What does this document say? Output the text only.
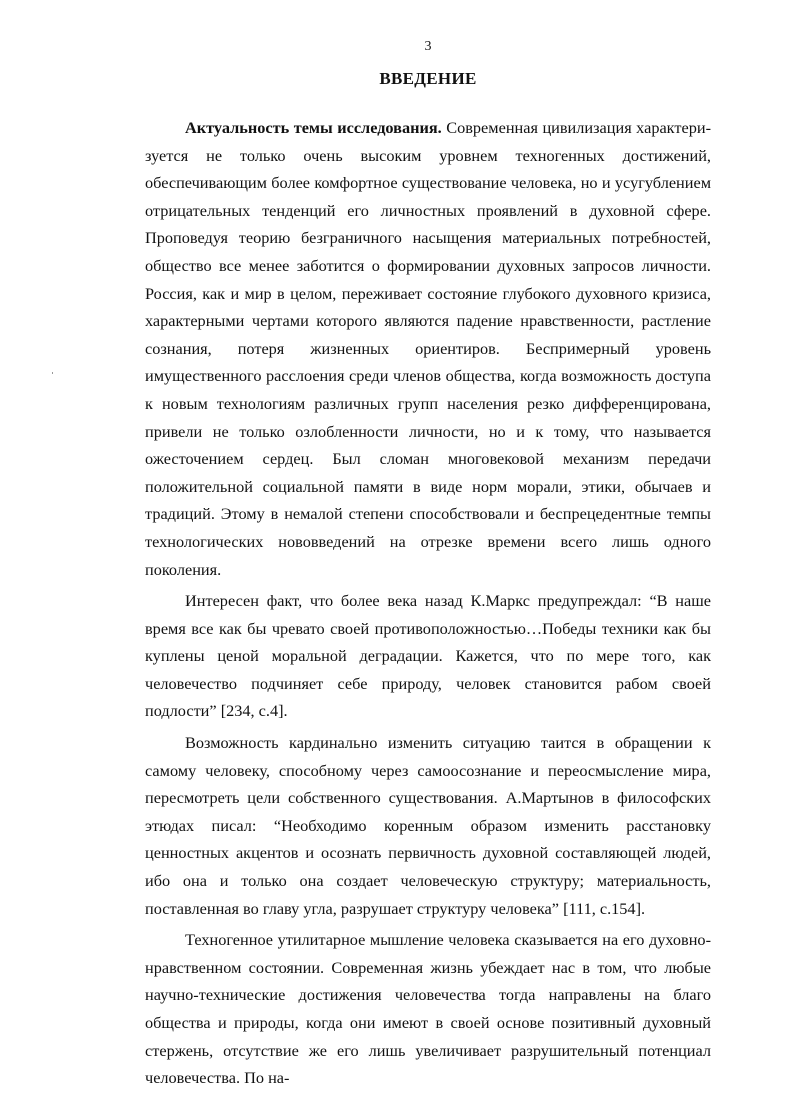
3
ВВЕДЕНИЕ

Актуальность темы исследования. Современная цивилизация характеризуется не только очень высоким уровнем техногенных достижений, обеспечивающим более комфортное существование человека, но и усугублением отрицательных тенденций его личностных проявлений в духовной сфере. Проповедуя теорию безграничного насыщения материальных потребностей, общество все менее заботится о формировании духовных запросов личности. Россия, как и мир в целом, переживает состояние глубокого духовного кризиса, характерными чертами которого являются падение нравственности, растление сознания, потеря жизненных ориентиров. Беспримерный уровень имущественного расслоения среди членов общества, когда возможность доступа к новым технологиям различных групп населения резко дифференцирована, привели не только озлобленности личности, но и к тому, что называется ожесточением сердец. Был сломан многовековой механизм передачи положительной социальной памяти в виде норм морали, этики, обычаев и традиций. Этому в немалой степени способствовали и беспрецедентные темпы технологических нововведений на отрезке времени всего лишь одного поколения.

Интересен факт, что более века назад К.Маркс предупреждал: “В наше время все как бы чревато своей противоположностью…Победы техники как бы куплены ценой моральной деградации. Кажется, что по мере того, как человечество подчиняет себе природу, человек становится рабом своей подлости” [234, с.4].

Возможность кардинально изменить ситуацию таится в обращении к самому человеку, способному через самоосознание и переосмысление мира, пересмотреть цели собственного существования. А.Мартынов в философских этюдах писал: “Необходимо коренным образом изменить расстановку ценностных акцентов и осознать первичность духовной составляющей людей, ибо она и только она создает человеческую структуру; материальность, поставленная во главу угла, разрушает структуру человека” [111, с.154].

Техногенное утилитарное мышление человека сказывается на его духовно-нравственном состоянии. Современная жизнь убеждает нас в том, что любые научно-технические достижения человечества тогда направлены на благо общества и природы, когда они имеют в своей основе позитивный духовный стержень, отсутствие же его лишь увеличивает разрушительный потенциал человечества. По на-
